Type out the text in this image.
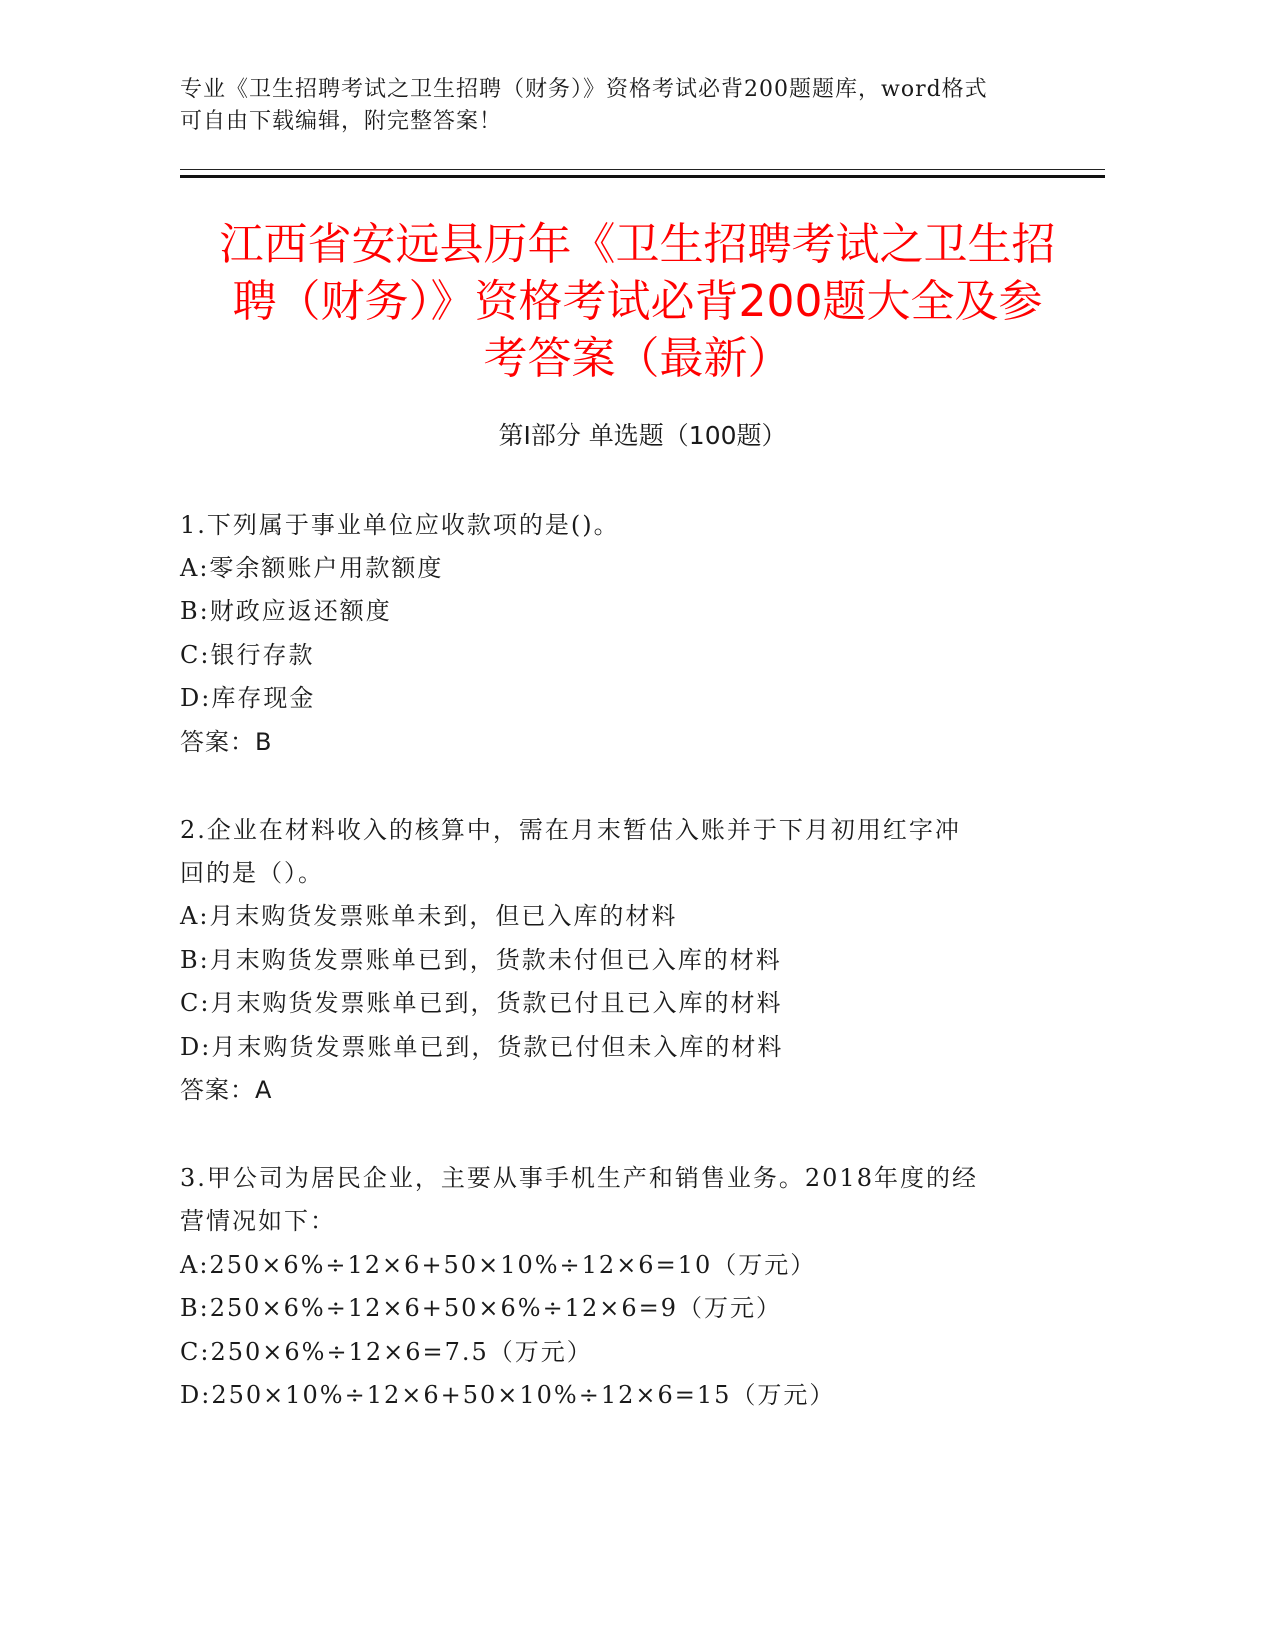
专业《卫生招聘考试之卫生招聘（财务）》资格考试必背200题题库，word格式
可自由下载编辑，附完整答案！
江西省安远县历年《卫生招聘考试之卫生招
聘（财务）》资格考试必背200题大全及参
考答案（最新）
第Ⅰ部分 单选题（100题）
1.下列属于事业单位应收款项的是()。
A:零余额账户用款额度
B:财政应返还额度
C:银行存款
D:库存现金
答案：B
2.企业在材料收入的核算中，需在月末暂估入账并于下月初用红字冲
回的是（）。
A:月末购货发票账单未到，但已入库的材料
B:月末购货发票账单已到，货款未付但已入库的材料
C:月末购货发票账单已到，货款已付且已入库的材料
D:月末购货发票账单已到，货款已付但未入库的材料
答案：A
3.甲公司为居民企业，主要从事手机生产和销售业务。2018年度的经
营情况如下：
A:250×6%÷12×6+50×10%÷12×6=10（万元）
B:250×6%÷12×6+50×6%÷12×6=9（万元）
C:250×6%÷12×6=7.5（万元）
D:250×10%÷12×6+50×10%÷12×6=15（万元）
